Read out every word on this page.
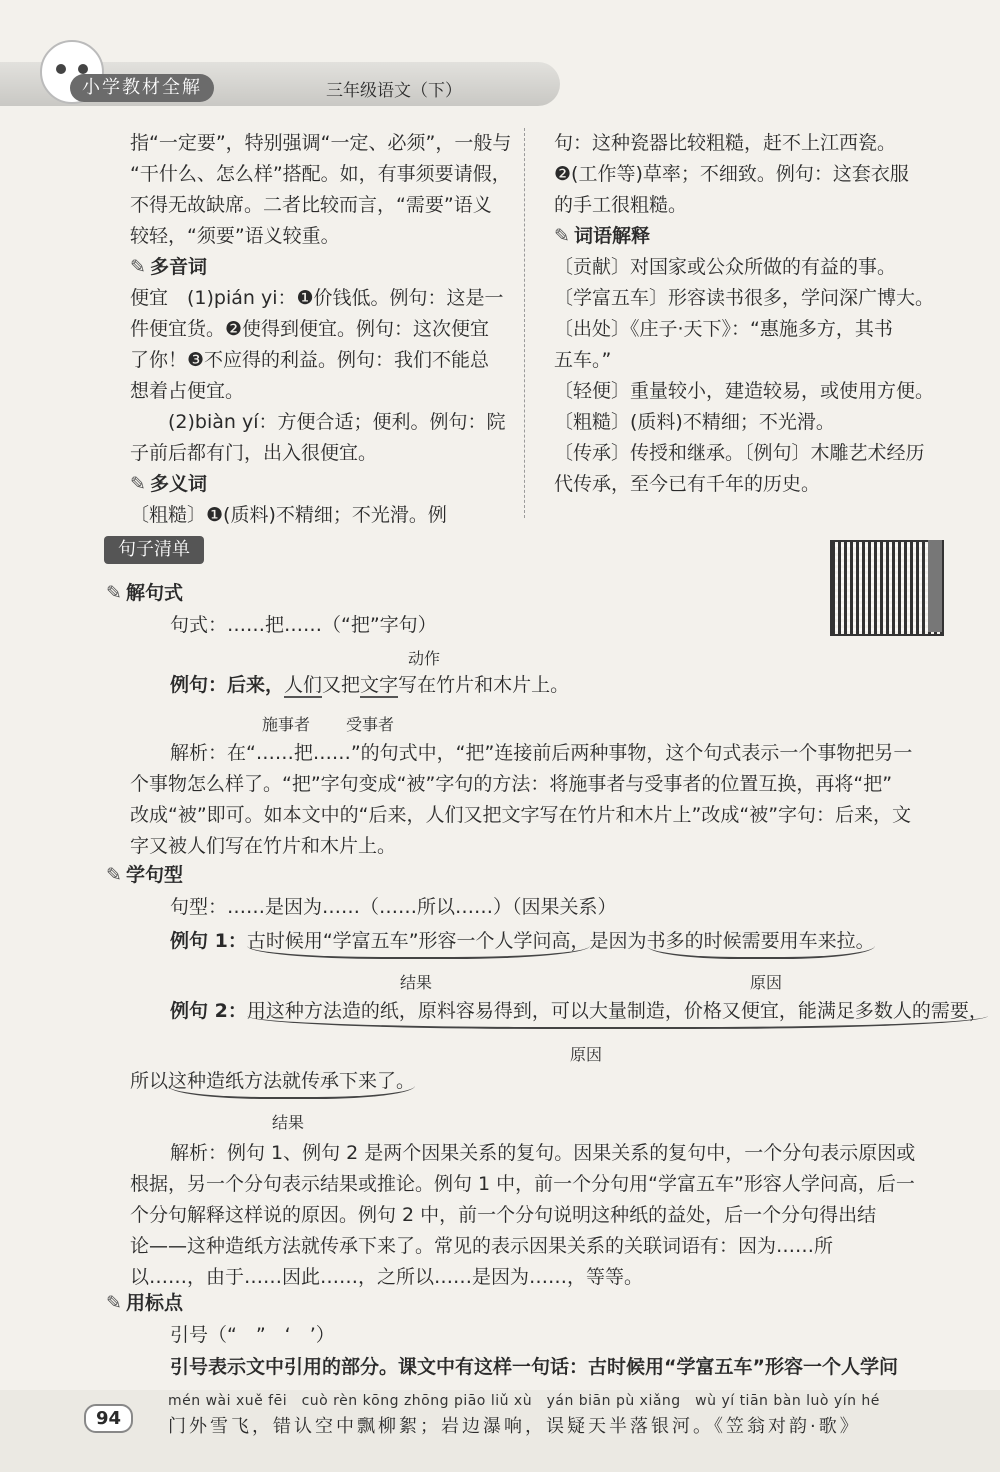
小学教材全解	三年级语文（下）
指“一定要”，特别强调“一定、必须”，一般与
“干什么、怎么样”搭配。如，有事须要请假，
不得无故缺席。二者比较而言，“需要”语义
较轻，“须要”语义较重。
✎ 多音词
便宜　(1)pián yi：❶价钱低。例句：这是一
件便宜货。❷使得到便宜。例句：这次便宜
了你！❸不应得的利益。例句：我们不能总
想着占便宜。
　　(2)biàn yí：方便合适；便利。例句：院
子前后都有门，出入很便宜。
✎ 多义词
〔粗糙〕❶(质料)不精细；不光滑。例
句：这种瓷器比较粗糙，赶不上江西瓷。
❷(工作等)草率；不细致。例句：这套衣服
的手工很粗糙。
✎ 词语解释
〔贡献〕对国家或公众所做的有益的事。
〔学富五车〕形容读书很多，学问深广博大。
〔出处〕《庄子·天下》：“惠施多方，其书
五车。”
〔轻便〕重量较小，建造较易，或使用方便。
〔粗糙〕(质料)不精细；不光滑。
〔传承〕传授和继承。〔例句〕木雕艺术经历
代传承，至今已有千年的历史。
句子清单
✎ 解句式
句式：……把……（“把”字句）
动作
例句：后来，人们又把文字写在竹片和木片上。
施事者 受事者
解析：在“……把……”的句式中，“把”连接前后两种事物，这个句式表示一个事物把另一
个事物怎么样了。“把”字句变成“被”字句的方法：将施事者与受事者的位置互换，再将“把”
改成“被”即可。如本文中的“后来，人们又把文字写在竹片和木片上”改成“被”字句：后来，文
字又被人们写在竹片和木片上。
✎ 学句型
句型：……是因为……（……所以……）（因果关系）
例句 1：古时候用“学富五车”形容一个人学问高，是因为书多的时候需要用车来拉。
结果	原因
例句 2：用这种方法造的纸，原料容易得到，可以大量制造，价格又便宜，能满足多数人的需要，
原因
所以这种造纸方法就传承下来了。
结果
解析：例句 1、例句 2 是两个因果关系的复句。因果关系的复句中，一个分句表示原因或
根据，另一个分句表示结果或推论。例句 1 中，前一个分句用“学富五车”形容人学问高，后一
个分句解释这样说的原因。例句 2 中，前一个分句说明这种纸的益处，后一个分句得出结
论——这种造纸方法就传承下来了。常见的表示因果关系的关联词语有：因为……所
以……，由于……因此……，之所以……是因为……，等等。
✎ 用标点
引号（“　”　‘　’）
引号表示文中引用的部分。课文中有这样一句话：古时候用“学富五车”形容一个人学问
94
mén wài xuě fēi　cuò rèn kōng zhōng piāo liǔ xù　yán biān pù xiǎng　wù yí tiān bàn luò yín hé
门外雪飞，错认空中飘柳絮；岩边瀑响，误疑天半落银河。《笠翁对韵·歌》
